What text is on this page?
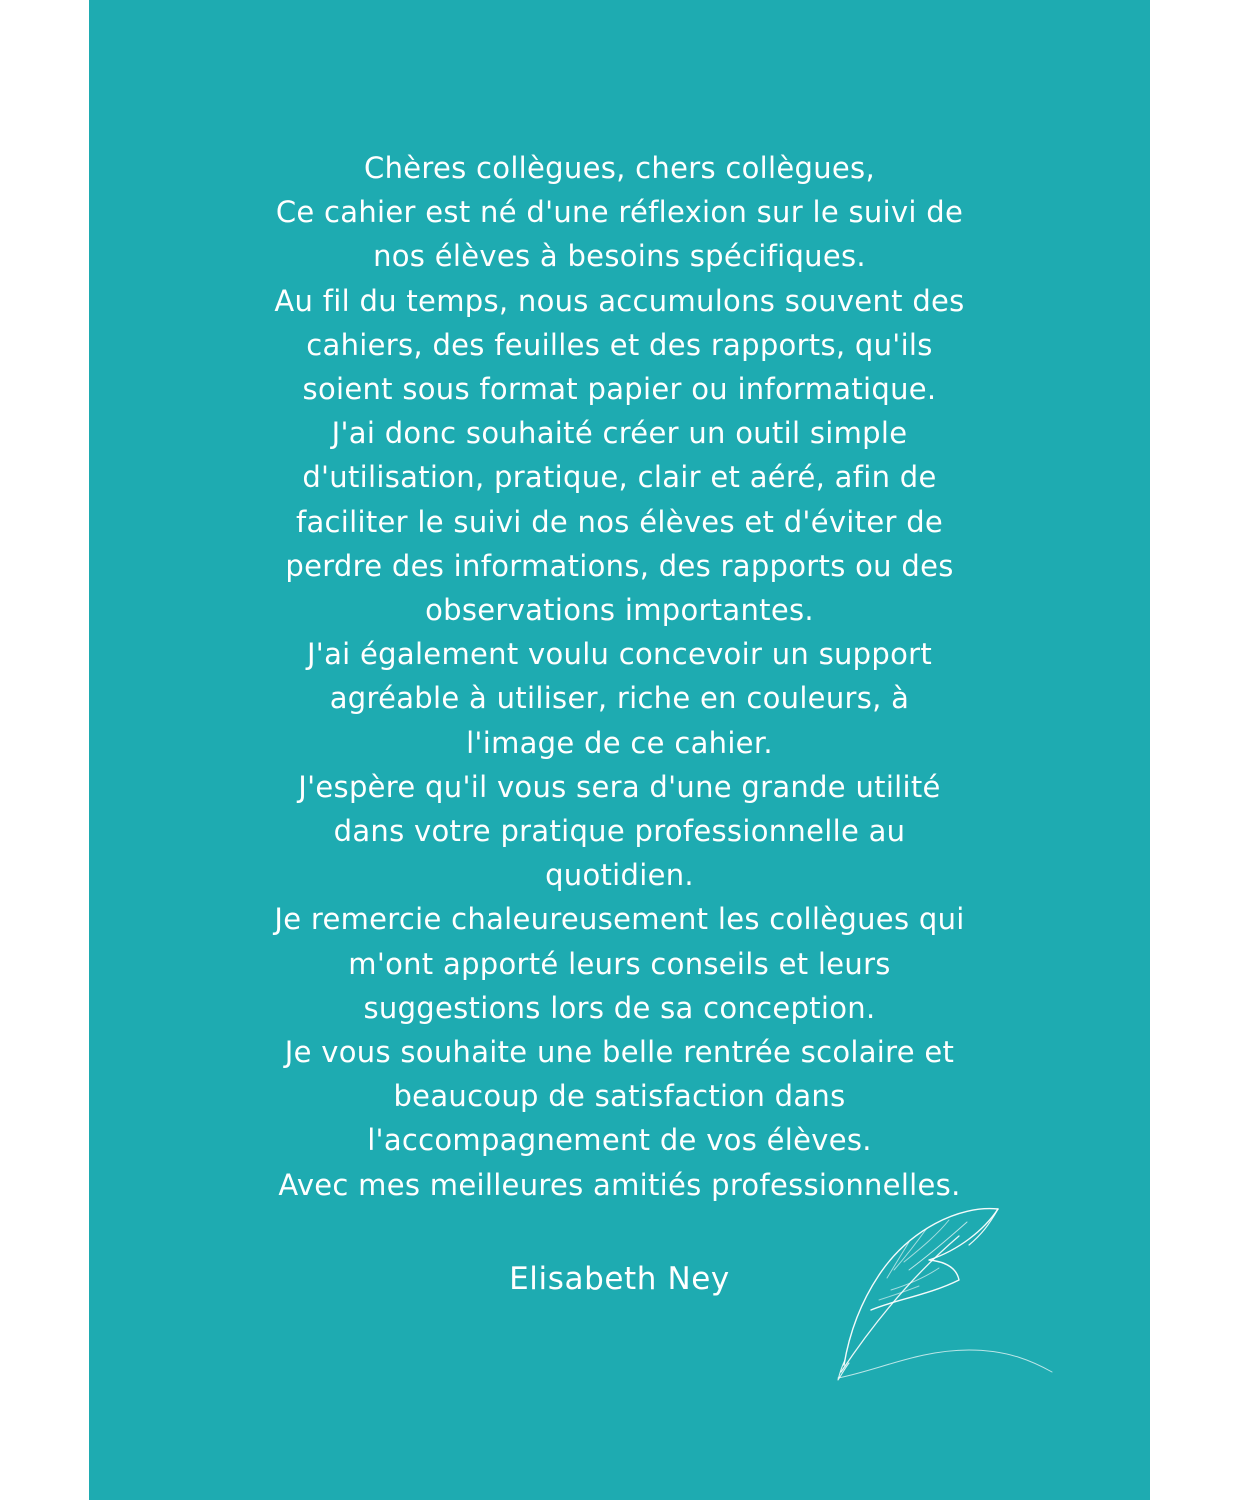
Chères collègues, chers collègues,
Ce cahier est né d'une réflexion sur le suivi de
nos élèves à besoins spécifiques.
Au fil du temps, nous accumulons souvent des
cahiers, des feuilles et des rapports, qu'ils
soient sous format papier ou informatique.
J'ai donc souhaité créer un outil simple
d'utilisation, pratique, clair et aéré, afin de
faciliter le suivi de nos élèves et d'éviter de
perdre des informations, des rapports ou des
observations importantes.
J'ai également voulu concevoir un support
agréable à utiliser, riche en couleurs, à
l'image de ce cahier.
J'espère qu'il vous sera d'une grande utilité
dans votre pratique professionnelle au
quotidien.
Je remercie chaleureusement les collègues qui
m'ont apporté leurs conseils et leurs
suggestions lors de sa conception.
Je vous souhaite une belle rentrée scolaire et
beaucoup de satisfaction dans
l'accompagnement de vos élèves.
Avec mes meilleures amitiés professionnelles.
Elisabeth Ney
